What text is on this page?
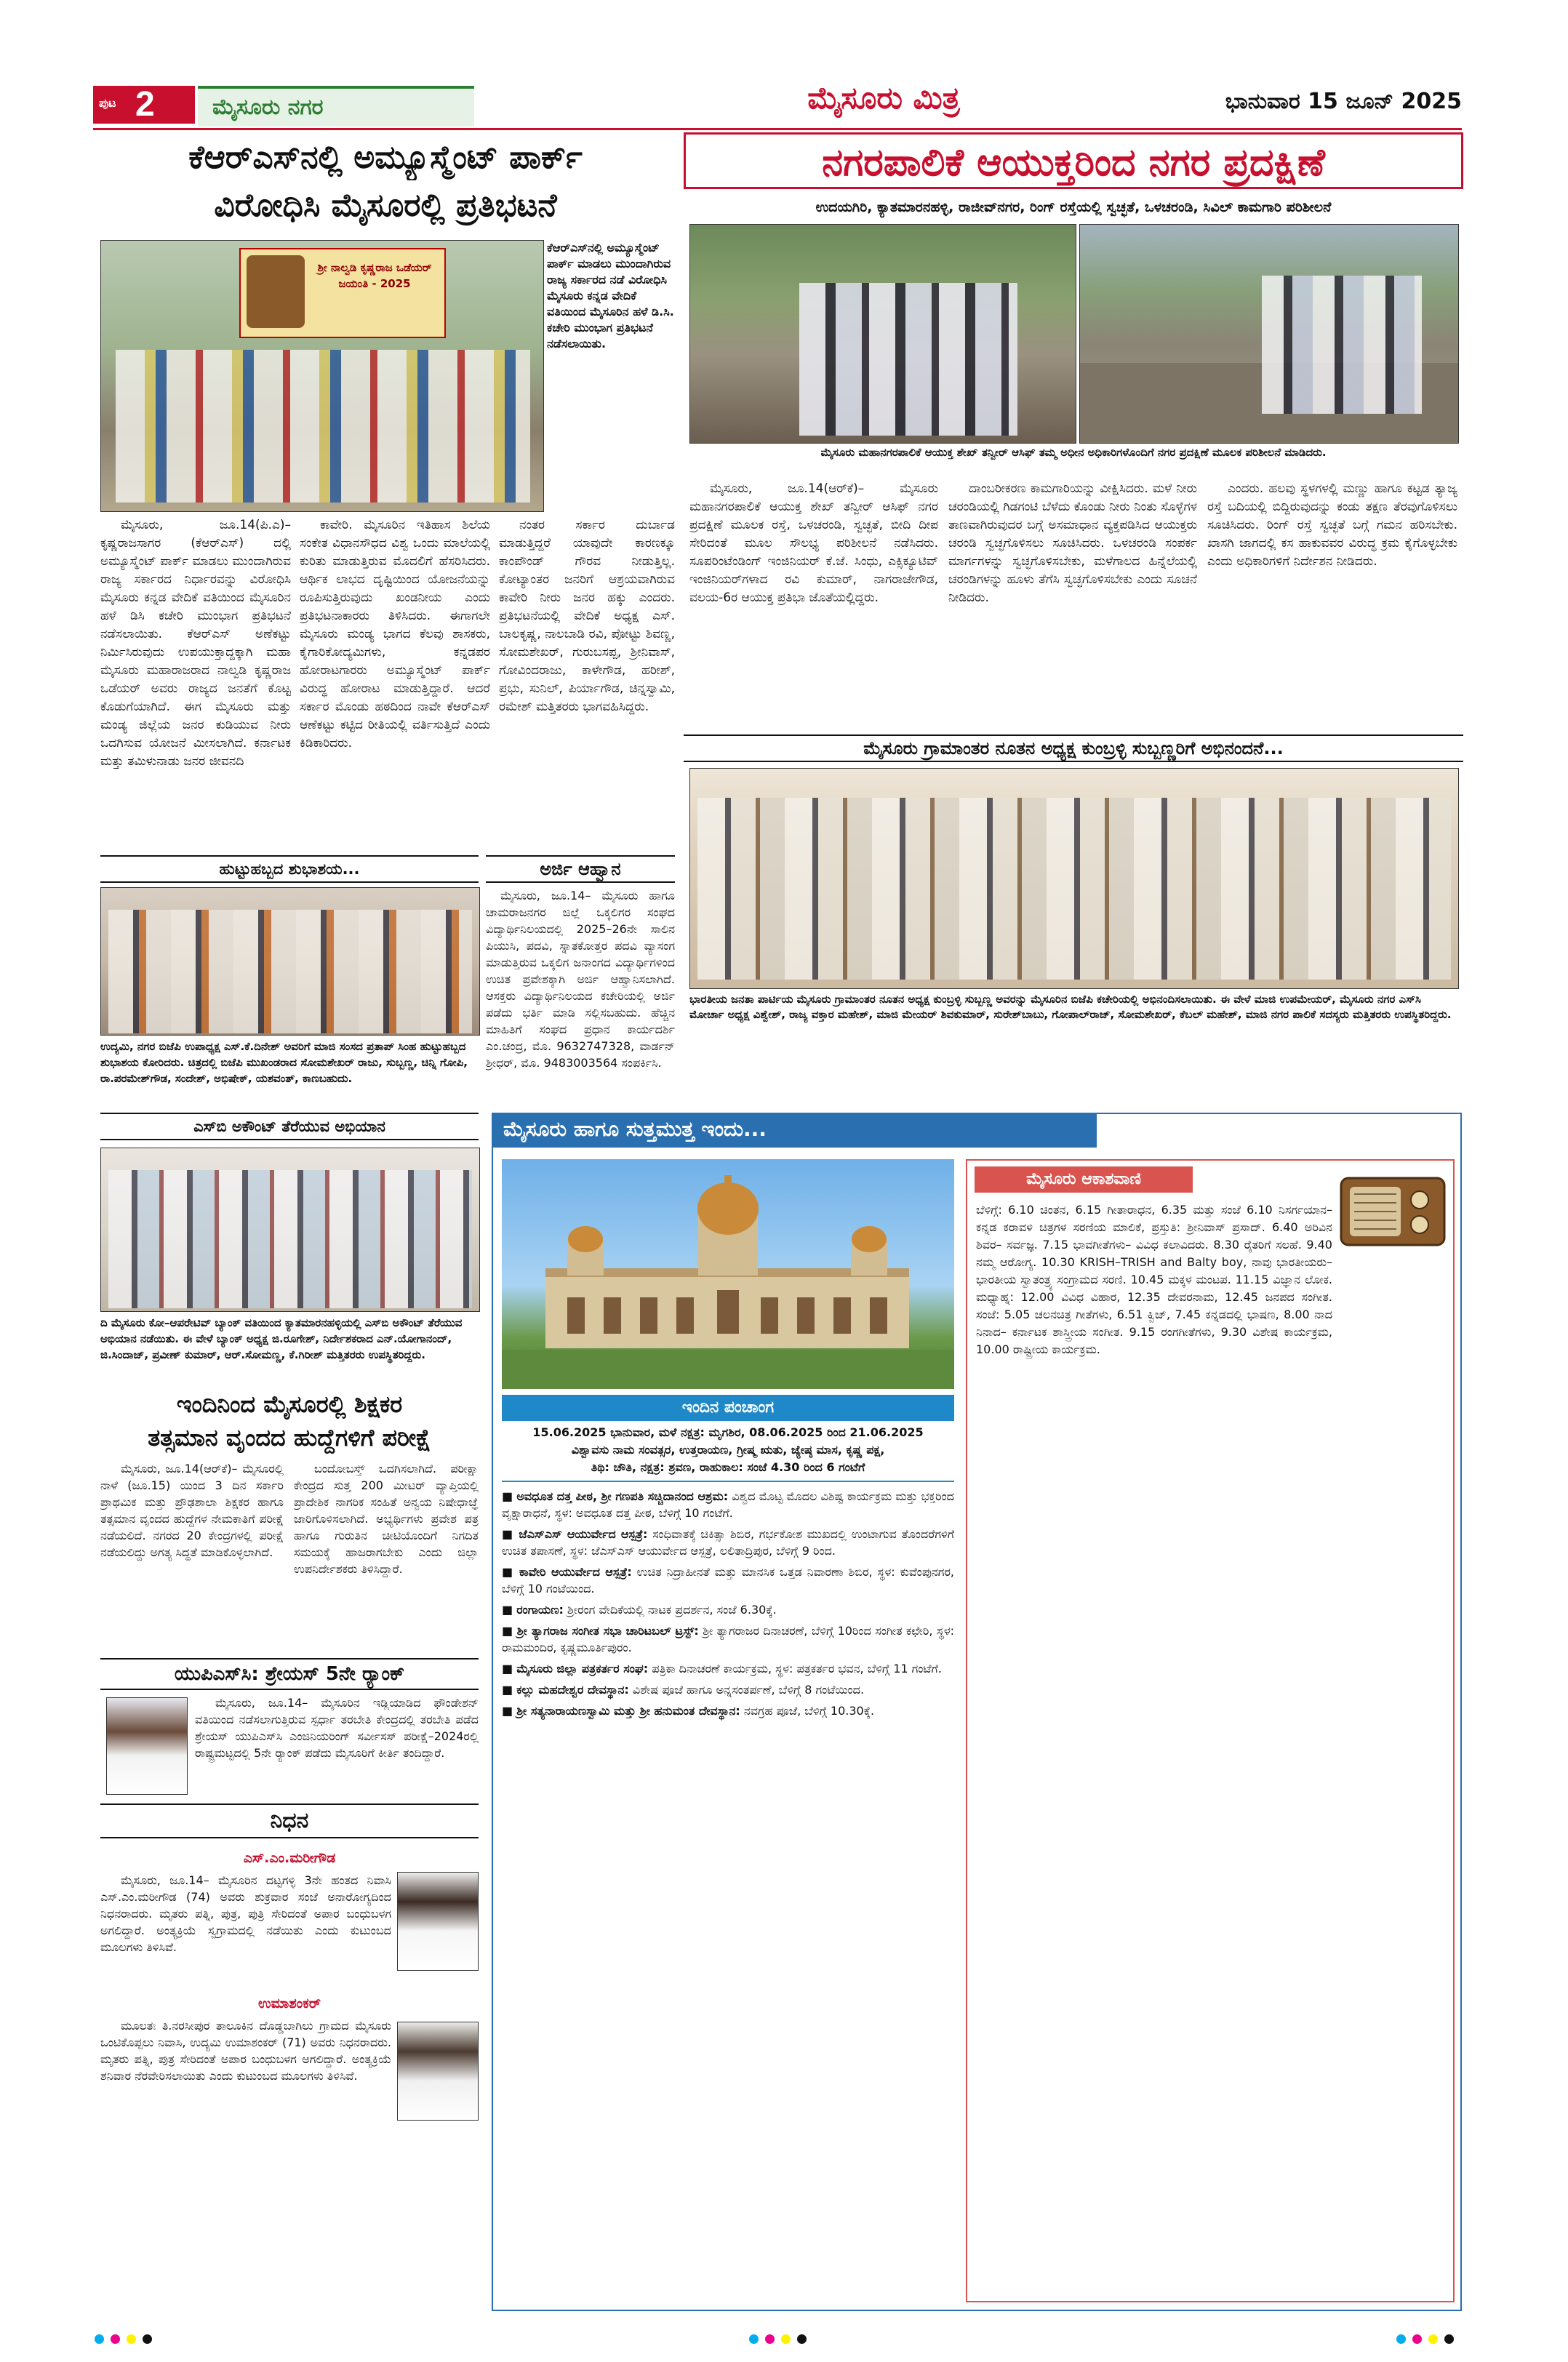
ಪುಟ 2	ಮೈಸೂರು ನಗರ	ಮೈಸೂರು ಮಿತ್ರ	ಭಾನುವಾರ 15 ಜೂನ್ 2025
ಕೆಆರ್‌ಎಸ್‌ನಲ್ಲಿ ಅಮ್ಯೂಸ್ಮೆಂಟ್ ಪಾರ್ಕ್
ವಿರೋಧಿಸಿ ಮೈಸೂರಲ್ಲಿ ಪ್ರತಿಭಟನೆ
ಶ್ರೀ ನಾಲ್ವಡಿ ಕೃಷ್ಣರಾಜ ಒಡೆಯರ್ ಜಯಂತಿ - 2025
ಕೆಆರ್‌ಎಸ್‌ನಲ್ಲಿ ಅಮ್ಯೂಸ್ಮೆಂಟ್ ಪಾರ್ಕ್ ಮಾಡಲು ಮುಂದಾಗಿರುವ ರಾಜ್ಯ ಸರ್ಕಾರದ ನಡೆ ವಿರೋಧಿಸಿ ಮೈಸೂರು ಕನ್ನಡ ವೇದಿಕೆ ವತಿಯಿಂದ ಮೈಸೂರಿನ ಹಳೆ ಡಿ.ಸಿ. ಕಚೇರಿ ಮುಂಭಾಗ ಪ್ರತಿಭಟನೆ ನಡೆಸಲಾಯಿತು.

ಮೈಸೂರು, ಜೂ.14(ಪಿ.ಎ)– ಕೃಷ್ಣರಾಜಸಾಗರ (ಕೆಆರ್‌ಎಸ್) ದಲ್ಲಿ ಅಮ್ಯೂಸ್ಮೆಂಟ್ ಪಾರ್ಕ್ ಮಾಡಲು ಮುಂದಾಗಿರುವ ರಾಜ್ಯ ಸರ್ಕಾರದ ನಿರ್ಧಾರವನ್ನು ವಿರೋಧಿಸಿ ಮೈಸೂರು ಕನ್ನಡ ವೇದಿಕೆ ವತಿಯಿಂದ ಮೈಸೂರಿನ ಹಳೆ ಡಿಸಿ ಕಚೇರಿ ಮುಂಭಾಗ ಪ್ರತಿಭಟನೆ ನಡೆಸಲಾಯಿತು. ಕೆಆರ್‌ಎಸ್ ಅಣೆಕಟ್ಟು ನಿರ್ಮಿಸಿರುವುದು ಉಪಯುಕ್ತಾದ್ದಕ್ಕಾಗಿ ಮಹಾ ಮೈಸೂರು ಮಹಾರಾಜರಾದ ನಾಲ್ವಡಿ ಕೃಷ್ಣರಾಜ ಒಡೆಯರ್ ಅವರು ರಾಜ್ಯದ ಜನತೆಗೆ ಕೊಟ್ಟ ಕೊಡುಗೆಯಾಗಿದೆ. ಈಗ ಮೈಸೂರು ಮತ್ತು ಮಂಡ್ಯ ಜಿಲ್ಲೆಯ ಜನರ ಕುಡಿಯುವ ನೀರು ಒದಗಿಸುವ ಯೋಜನೆ ಮೀಸಲಾಗಿದೆ. ಕರ್ನಾಟಕ ಮತ್ತು ತಮಿಳುನಾಡು ಜನರ ಜೀವನದಿ

ಕಾವೇರಿ. ಮೈಸೂರಿನ ಇತಿಹಾಸ ಶಿಲೆಯ ಸಂಕೇತ ವಿಧಾನಸೌಧದ ವಿಶ್ವ ಒಂದು ಮಾಲೆಯಲ್ಲಿ ಕುರಿತು ಮಾಡುತ್ತಿರುವ ಮೊದಲಿಗೆ ಹೆಸರಿಸಿದರು. ಆರ್ಥಿಕ ಲಾಭದ ದೃಷ್ಟಿಯಿಂದ ಯೋಜನೆಯನ್ನು ರೂಪಿಸುತ್ತಿರುವುದು ಖಂಡನೀಯ ಎಂದು ಪ್ರತಿಭಟನಾಕಾರರು ತಿಳಿಸಿದರು. ಈಗಾಗಲೇ ಮೈಸೂರು ಮಂಡ್ಯ ಭಾಗದ ಕೆಲವು ಶಾಸಕರು, ಕೈಗಾರಿಕೋದ್ಯಮಿಗಳು, ಕನ್ನಡಪರ ಹೋರಾಟಗಾರರು ಅಮ್ಯೂಸ್ಮೆಂಟ್ ಪಾರ್ಕ್ ವಿರುದ್ಧ ಹೋರಾಟ ಮಾಡುತ್ತಿದ್ದಾರೆ. ಆದರೆ ಸರ್ಕಾರ ಮೊಂಡು ಹಠದಿಂದ ನಾವೇ ಕೆಆರ್‌ಎಸ್ ಆಣೆಕಟ್ಟು ಕಟ್ಟಿದ ರೀತಿಯಲ್ಲಿ ವರ್ತಿಸುತ್ತಿದೆ ಎಂದು ಕಿಡಿಕಾರಿದರು.

ನಂತರ ಸರ್ಕಾರ ದುರ್ಬಾಡ ಮಾಡುತ್ತಿದ್ದರೆ ಯಾವುದೇ ಕಾರಣಕ್ಕೂ ಕಾಂಪೌಂಡ್ ಗೌರವ ನೀಡುತ್ತಿಲ್ಲ. ಕೋಟ್ಯಾಂತರ ಜನರಿಗೆ ಆಶ್ರಯವಾಗಿರುವ ಕಾವೇರಿ ನೀರು ಜನರ ಹಕ್ಕು ಎಂದರು. ಪ್ರತಿಭಟನೆಯಲ್ಲಿ ವೇದಿಕೆ ಅಧ್ಯಕ್ಷ ಎಸ್. ಬಾಲಕೃಷ್ಣ, ನಾಲಬಾಡಿ ರವಿ, ಪೋಟ್ಟು ಶಿವಣ್ಣ, ಸೋಮಶೇಖರ್, ಗುರುಬಸಪ್ಪ, ಶ್ರೀನಿವಾಸ್, ಗೋವಿಂದರಾಜು, ಕಾಳೇಗೌಡ, ಹರೀಶ್, ಪ್ರಭು, ಸುನಿಲ್, ಪಿರ್ಯಾಗೌಡ, ಚಿನ್ನಸ್ವಾಮಿ, ರಮೇಶ್ ಮತ್ತಿತರರು ಭಾಗವಹಿಸಿದ್ದರು.

ನಗರಪಾಲಿಕೆ ಆಯುಕ್ತರಿಂದ ನಗರ ಪ್ರದಕ್ಷಿಣೆ
ಉದಯಗಿರಿ, ಕ್ಯಾತಮಾರನಹಳ್ಳಿ, ರಾಜೀವ್‌ನಗರ, ರಿಂಗ್ ರಸ್ತೆಯಲ್ಲಿ ಸ್ವಚ್ಛತೆ, ಒಳಚರಂಡಿ, ಸಿವಿಲ್ ಕಾಮಗಾರಿ ಪರಿಶೀಲನೆ
ಮೈಸೂರು ಮಹಾನಗರಪಾಲಿಕೆ ಆಯುಕ್ತ ಶೇಖ್ ತನ್ವೀರ್ ಆಸಿಫ್ ತಮ್ಮ ಅಧೀನ ಅಧಿಕಾರಿಗಳೊಂದಿಗೆ ನಗರ ಪ್ರದಕ್ಷಿಣೆ ಮೂಲಕ ಪರಿಶೀಲನೆ ಮಾಡಿದರು.

ಮೈಸೂರು, ಜೂ.14(ಆರ್‌ಕೆ)– ಮೈಸೂರು ಮಹಾನಗರಪಾಲಿಕೆ ಆಯುಕ್ತ ಶೇಖ್ ತನ್ವೀರ್ ಆಸಿಫ್ ನಗರ ಪ್ರದಕ್ಷಿಣೆ ಮೂಲಕ ರಸ್ತೆ, ಒಳಚರಂಡಿ, ಸ್ವಚ್ಛತೆ, ಬೀದಿ ದೀಪ ಸೇರಿದಂತೆ ಮೂಲ ಸೌಲಭ್ಯ ಪರಿಶೀಲನೆ ನಡೆಸಿದರು. ಸೂಪರಿಂಟೆಂಡಿಂಗ್ ಇಂಜಿನಿಯರ್ ಕೆ.ಜೆ. ಸಿಂಧು, ಎಕ್ಸಿಕ್ಯೂಟಿವ್ ಇಂಜಿನಿಯರ್‌ಗಳಾದ ರವಿ ಕುಮಾರ್, ನಾಗರಾಜೇಗೌಡ, ವಲಯ-6ರ ಆಯುಕ್ತ ಪ್ರತಿಭಾ ಜೊತೆಯಲ್ಲಿದ್ದರು.

ದಾಂಬರೀಕರಣ ಕಾಮಗಾರಿಯನ್ನು ವೀಕ್ಷಿಸಿದರು. ಮಳೆ ನೀರು ಚರಂಡಿಯಲ್ಲಿ ಗಿಡಗಂಟಿ ಬೆಳೆದು ಕೊಂಡು ನೀರು ನಿಂತು ಸೊಳ್ಳೆಗಳ ತಾಣವಾಗಿರುವುದರ ಬಗ್ಗೆ ಅಸಮಾಧಾನ ವ್ಯಕ್ತಪಡಿಸಿದ ಆಯುಕ್ತರು ಚರಂಡಿ ಸ್ವಚ್ಛಗೊಳಿಸಲು ಸೂಚಿಸಿದರು. ಒಳಚರಂಡಿ ಸಂಪರ್ಕ ಮಾರ್ಗಗಳನ್ನು ಸ್ವಚ್ಛಗೊಳಿಸಬೇಕು, ಮಳೆಗಾಲದ ಹಿನ್ನೆಲೆಯಲ್ಲಿ ಚರಂಡಿಗಳನ್ನು ಹೂಳು ತೆಗೆಸಿ ಸ್ವಚ್ಛಗೊಳಿಸಬೇಕು ಎಂದು ಸೂಚನೆ ನೀಡಿದರು.

ಎಂದರು. ಹಲವು ಸ್ಥಳಗಳಲ್ಲಿ ಮಣ್ಣು ಹಾಗೂ ಕಟ್ಟಡ ತ್ಯಾಜ್ಯ ರಸ್ತೆ ಬದಿಯಲ್ಲಿ ಬಿದ್ದಿರುವುದನ್ನು ಕಂಡು ತಕ್ಷಣ ತೆರವುಗೊಳಿಸಲು ಸೂಚಿಸಿದರು. ರಿಂಗ್ ರಸ್ತೆ ಸ್ವಚ್ಛತೆ ಬಗ್ಗೆ ಗಮನ ಹರಿಸಬೇಕು. ಖಾಸಗಿ ಜಾಗದಲ್ಲಿ ಕಸ ಹಾಕುವವರ ವಿರುದ್ಧ ಕ್ರಮ ಕೈಗೊಳ್ಳಬೇಕು ಎಂದು ಅಧಿಕಾರಿಗಳಿಗೆ ನಿರ್ದೇಶನ ನೀಡಿದರು.

ಮೈಸೂರು ಗ್ರಾಮಾಂತರ ನೂತನ ಅಧ್ಯಕ್ಷ ಕುಂಬ್ರಳ್ಳಿ ಸುಬ್ಬಣ್ಣರಿಗೆ ಅಭಿನಂದನೆ...
ಭಾರತೀಯ ಜನತಾ ಪಾರ್ಟಿಯ ಮೈಸೂರು ಗ್ರಾಮಾಂತರ ನೂತನ ಅಧ್ಯಕ್ಷ ಕುಂಬ್ರಳ್ಳಿ ಸುಬ್ಬಣ್ಣ ಅವರನ್ನು ಮೈಸೂರಿನ ಬಿಜೆಪಿ ಕಚೇರಿಯಲ್ಲಿ ಅಭಿನಂದಿಸಲಾಯಿತು. ಈ ವೇಳೆ ಮಾಜಿ ಉಪಮೇಯರ್, ಮೈಸೂರು ನಗರ ಎಸ್‌ಸಿ ಮೋರ್ಚಾ ಅಧ್ಯಕ್ಷ ವಿಶ್ವೇಶ್, ರಾಜ್ಯ ವಕ್ತಾರ ಮಹೇಶ್, ಮಾಜಿ ಮೇಯರ್ ಶಿವಕುಮಾರ್, ಸುರೇಶ್‌ಬಾಬು, ಗೋಪಾಲ್‌ರಾಜ್, ಸೋಮಶೇಖರ್, ಕೆಬಲ್ ಮಹೇಶ್, ಮಾಜಿ ನಗರ ಪಾಲಿಕೆ ಸದಸ್ಯರು ಮತ್ತಿತರರು ಉಪಸ್ಥಿತರಿದ್ದರು.
ಹುಟ್ಟುಹಬ್ಬದ ಶುಭಾಶಯ...
ಉದ್ಯಮಿ, ನಗರ ಬಿಜೆಪಿ ಉಪಾಧ್ಯಕ್ಷ ಎಸ್.ಕೆ.ದಿನೇಶ್ ಅವರಿಗೆ ಮಾಜಿ ಸಂಸದ ಪ್ರತಾಪ್ ಸಿಂಹ ಹುಟ್ಟುಹಬ್ಬದ ಶುಭಾಶಯ ಕೋರಿದರು. ಚಿತ್ರದಲ್ಲಿ ಬಿಜೆಪಿ ಮುಖಂಡರಾದ ಸೋಮಶೇಖರ್ ರಾಜು, ಸುಬ್ಬಣ್ಣ, ಚಿನ್ನಿ ಗೋಪಿ, ರಾ.ಪರಮೇಶ್‌ಗೌಡ, ಸಂದೇಶ್, ಅಭಿಷೇಕ್, ಯಶವಂತ್, ಕಾಣಬಹುದು.
ಅರ್ಜಿ ಆಹ್ವಾನ

ಮೈಸೂರು, ಜೂ.14– ಮೈಸೂರು ಹಾಗೂ ಚಾಮರಾಜನಗರ ಜಿಲ್ಲೆ ಒಕ್ಕಲಿಗರ ಸಂಘದ ವಿದ್ಯಾರ್ಥಿನಿಲಯದಲ್ಲಿ 2025–26ನೇ ಸಾಲಿನ ಪಿಯುಸಿ, ಪದವಿ, ಸ್ನಾತಕೋತ್ತರ ಪದವಿ ವ್ಯಾಸಂಗ ಮಾಡುತ್ತಿರುವ ಒಕ್ಕಲಿಗ ಜನಾಂಗದ ವಿದ್ಯಾರ್ಥಿಗಳಿಂದ ಉಚಿತ ಪ್ರವೇಶಕ್ಕಾಗಿ ಅರ್ಜಿ ಆಹ್ವಾನಿಸಲಾಗಿದೆ. ಆಸಕ್ತರು ವಿದ್ಯಾರ್ಥಿನಿಲಯದ ಕಚೇರಿಯಲ್ಲಿ ಅರ್ಜಿ ಪಡೆದು ಭರ್ತಿ ಮಾಡಿ ಸಲ್ಲಿಸಬಹುದು. ಹೆಚ್ಚಿನ ಮಾಹಿತಿಗೆ ಸಂಘದ ಪ್ರಧಾನ ಕಾರ್ಯದರ್ಶಿ ಎಂ.ಚಂದ್ರ, ಮೊ. 9632747328, ವಾರ್ಡನ್ ಶ್ರೀಧರ್, ಮೊ. 9483003564 ಸಂಪರ್ಕಿಸಿ.

ಎಸ್‌ಬಿ ಅಕೌಂಟ್ ತೆರೆಯುವ ಅಭಿಯಾನ
ದಿ ಮೈಸೂರು ಕೋ–ಆಪರೇಟಿವ್ ಬ್ಯಾಂಕ್ ವತಿಯಿಂದ ಕ್ಯಾತಮಾರನಹಳ್ಳಿಯಲ್ಲಿ ಎಸ್‌ಬಿ ಅಕೌಂಟ್ ತೆರೆಯುವ ಅಭಿಯಾನ ನಡೆಯಿತು. ಈ ವೇಳೆ ಬ್ಯಾಂಕ್ ಅಧ್ಯಕ್ಷ ಜಿ.ರೂಗೇಶ್, ನಿರ್ದೇಶಕರಾದ ಎನ್.ಯೋಗಾನಂದ್, ಜಿ.ಸಿಂದಾಜ್, ಪ್ರವೀಣ್ ಕುಮಾರ್, ಆರ್.ಸೋಮಣ್ಣ, ಕೆ.ಗಿರೀಶ್ ಮತ್ತಿತರರು ಉಪಸ್ಥಿತರಿದ್ದರು.
ಇಂದಿನಿಂದ ಮೈಸೂರಲ್ಲಿ ಶಿಕ್ಷಕರ
ತತ್ಸಮಾನ ವೃಂದದ ಹುದ್ದೆಗಳಿಗೆ ಪರೀಕ್ಷೆ

ಮೈಸೂರು, ಜೂ.14(ಆರ್‌ಕೆ)– ಮೈಸೂರಲ್ಲಿ ನಾಳೆ (ಜೂ.15) ಯಿಂದ 3 ದಿನ ಸರ್ಕಾರಿ ಪ್ರಾಥಮಿಕ ಮತ್ತು ಪ್ರೌಢಶಾಲಾ ಶಿಕ್ಷಕರ ಹಾಗೂ ತತ್ಸಮಾನ ವೃಂದದ ಹುದ್ದೆಗಳ ನೇಮಕಾತಿಗೆ ಪರೀಕ್ಷೆ ನಡೆಯಲಿದೆ. ನಗರದ 20 ಕೇಂದ್ರಗಳಲ್ಲಿ ಪರೀಕ್ಷೆ ನಡೆಯಲಿದ್ದು ಅಗತ್ಯ ಸಿದ್ಧತೆ ಮಾಡಿಕೊಳ್ಳಲಾಗಿದೆ.

ಬಂದೋಬಸ್ತ್ ಒದಗಿಸಲಾಗಿದೆ. ಪರೀಕ್ಷಾ ಕೇಂದ್ರದ ಸುತ್ತ 200 ಮೀಟರ್ ವ್ಯಾಪ್ತಿಯಲ್ಲಿ ಪ್ರಾದೇಶಿಕ ನಾಗರಿಕ ಸಂಹಿತೆ ಅನ್ವಯ ನಿಷೇಧಾಜ್ಞೆ ಜಾರಿಗೊಳಿಸಲಾಗಿದೆ. ಅಭ್ಯರ್ಥಿಗಳು ಪ್ರವೇಶ ಪತ್ರ ಹಾಗೂ ಗುರುತಿನ ಚೀಟಿಯೊಂದಿಗೆ ನಿಗದಿತ ಸಮಯಕ್ಕೆ ಹಾಜರಾಗಬೇಕು ಎಂದು ಜಿಲ್ಲಾ ಉಪನಿರ್ದೇಶಕರು ತಿಳಿಸಿದ್ದಾರೆ.

ಯುಪಿಎಸ್‌ಸಿ: ಶ್ರೇಯಸ್ 5ನೇ ರ‍್ಯಾಂಕ್

ಮೈಸೂರು, ಜೂ.14– ಮೈಸೂರಿನ ಇಡ್ಲಿಯಾಡಿದ ಫೌಂಡೇಶನ್ ವತಿಯಿಂದ ನಡೆಸಲಾಗುತ್ತಿರುವ ಸ್ಪರ್ಧಾ ತರಬೇತಿ ಕೇಂದ್ರದಲ್ಲಿ ತರಬೇತಿ ಪಡೆದ ಶ್ರೇಯಸ್ ಯುಪಿಎಸ್‌ಸಿ ಎಂಜಿನಿಯರಿಂಗ್ ಸರ್ವೀಸಸ್ ಪರೀಕ್ಷೆ–2024ರಲ್ಲಿ ರಾಷ್ಟ್ರಮಟ್ಟದಲ್ಲಿ 5ನೇ ರ‍್ಯಾಂಕ್ ಪಡೆದು ಮೈಸೂರಿಗೆ ಕೀರ್ತಿ ತಂದಿದ್ದಾರೆ.

ನಿಧನ
ಎಸ್.ಎಂ.ಮರೀಗೌಡ

ಮೈಸೂರು, ಜೂ.14– ಮೈಸೂರಿನ ದಟ್ಟಗಳ್ಳಿ 3ನೇ ಹಂತದ ನಿವಾಸಿ ಎಸ್.ಎಂ.ಮರೀಗೌಡ (74) ಅವರು ಶುಕ್ರವಾರ ಸಂಜೆ ಅನಾರೋಗ್ಯದಿಂದ ನಿಧನರಾದರು. ಮೃತರು ಪತ್ನಿ, ಪುತ್ರ, ಪುತ್ರಿ ಸೇರಿದಂತೆ ಅಪಾರ ಬಂಧುಬಳಗ ಅಗಲಿದ್ದಾರೆ. ಅಂತ್ಯಕ್ರಿಯೆ ಸ್ವಗ್ರಾಮದಲ್ಲಿ ನಡೆಯಿತು ಎಂದು ಕುಟುಂಬದ ಮೂಲಗಳು ತಿಳಿಸಿವೆ.

ಉಮಾಶಂಕರ್

ಮೂಲತಃ ತಿ.ನರಸೀಪುರ ತಾಲೂಕಿನ ದೊಡ್ಡಬಾಗಿಲು ಗ್ರಾಮದ ಮೈಸೂರು ಒಂಟಿಕೊಪ್ಪಲು ನಿವಾಸಿ, ಉದ್ಯಮಿ ಉಮಾಶಂಕರ್ (71) ಅವರು ನಿಧನರಾದರು. ಮೃತರು ಪತ್ನಿ, ಪುತ್ರ ಸೇರಿದಂತೆ ಅಪಾರ ಬಂಧುಬಳಗ ಅಗಲಿದ್ದಾರೆ. ಅಂತ್ಯಕ್ರಿಯೆ ಶನಿವಾರ ನೆರವೇರಿಸಲಾಯಿತು ಎಂದು ಕುಟುಂಬದ ಮೂಲಗಳು ತಿಳಿಸಿವೆ.

ಮೈಸೂರು ಹಾಗೂ ಸುತ್ತಮುತ್ತ ಇಂದು...
ಇಂದಿನ ಪಂಚಾಂಗ
15.06.2025 ಭಾನುವಾರ, ಮಳೆ ನಕ್ಷತ್ರ: ಮೃಗಶಿರ, 08.06.2025 ರಿಂದ 21.06.2025
ವಿಶ್ವಾವಸು ನಾಮ ಸಂವತ್ಸರ, ಉತ್ತರಾಯಣ, ಗ್ರೀಷ್ಮ ಋತು, ಜ್ಯೇಷ್ಠ ಮಾಸ, ಕೃಷ್ಣ ಪಕ್ಷ,
ತಿಥಿ: ಚೌತಿ, ನಕ್ಷತ್ರ: ಶ್ರವಣ, ರಾಹುಕಾಲ: ಸಂಜೆ 4.30 ರಿಂದ 6 ಗಂಟೆಗೆ
■ ಅವಧೂತ ದತ್ತ ಪೀಠ, ಶ್ರೀ ಗಣಪತಿ ಸಚ್ಚಿದಾನಂದ ಆಶ್ರಮ: ವಿಶ್ವದ ಮೊಟ್ಟ ಮೊದಲ ವಿಶಿಷ್ಟ ಕಾರ್ಯಕ್ರಮ ಮತ್ತು ಭಕ್ತರಿಂದ ವೃಕ್ಷಾರಾಧನೆ, ಸ್ಥಳ: ಅವಧೂತ ದತ್ತ ಪೀಠ, ಬೆಳಿಗ್ಗೆ 10 ಗಂಟೆಗೆ.
■ ಜೆಎಸ್‌ಎಸ್ ಆಯುರ್ವೇದ ಆಸ್ಪತ್ರೆ: ಸಂಧಿವಾತಕ್ಕೆ ಚಿಕಿತ್ಸಾ ಶಿಬಿರ, ಗರ್ಭಕೋಶ ಮುಖದಲ್ಲಿ ಉಂಟಾಗುವ ತೊಂದರೆಗಳಿಗೆ ಉಚಿತ ತಪಾಸಣೆ, ಸ್ಥಳ: ಜೆಎಸ್‌ಎಸ್ ಆಯುರ್ವೇದ ಆಸ್ಪತ್ರೆ, ಲಲಿತಾದ್ರಿಪುರ, ಬೆಳಿಗ್ಗೆ 9 ರಿಂದ.
■ ಕಾವೇರಿ ಆಯುರ್ವೇದ ಆಸ್ಪತ್ರೆ: ಉಚಿತ ನಿದ್ರಾಹೀನತೆ ಮತ್ತು ಮಾನಸಿಕ ಒತ್ತಡ ನಿವಾರಣಾ ಶಿಬಿರ, ಸ್ಥಳ: ಕುವೆಂಪುನಗರ, ಬೆಳಿಗ್ಗೆ 10 ಗಂಟೆಯಿಂದ.
■ ರಂಗಾಯಣ: ಶ್ರೀರಂಗ ವೇದಿಕೆಯಲ್ಲಿ ನಾಟಕ ಪ್ರದರ್ಶನ, ಸಂಜೆ 6.30ಕ್ಕೆ.
■ ಶ್ರೀ ತ್ಯಾಗರಾಜ ಸಂಗೀತ ಸಭಾ ಚಾರಿಟಬಲ್ ಟ್ರಸ್ಟ್: ಶ್ರೀ ತ್ಯಾಗರಾಜರ ದಿನಾಚರಣೆ, ಬೆಳಿಗ್ಗೆ 10ರಿಂದ ಸಂಗೀತ ಕಛೇರಿ, ಸ್ಥಳ: ರಾಮಮಂದಿರ, ಕೃಷ್ಣಮೂರ್ತಿಪುರಂ.
■ ಮೈಸೂರು ಜಿಲ್ಲಾ ಪತ್ರಕರ್ತರ ಸಂಘ: ಪತ್ರಿಕಾ ದಿನಾಚರಣೆ ಕಾರ್ಯಕ್ರಮ, ಸ್ಥಳ: ಪತ್ರಕರ್ತರ ಭವನ, ಬೆಳಿಗ್ಗೆ 11 ಗಂಟೆಗೆ.
■ ಕಲ್ಲು ಮಹದೇಶ್ವರ ದೇವಸ್ಥಾನ: ವಿಶೇಷ ಪೂಜೆ ಹಾಗೂ ಅನ್ನಸಂತರ್ಪಣೆ, ಬೆಳಿಗ್ಗೆ 8 ಗಂಟೆಯಿಂದ.
■ ಶ್ರೀ ಸತ್ಯನಾರಾಯಣಸ್ವಾಮಿ ಮತ್ತು ಶ್ರೀ ಹನುಮಂತ ದೇವಸ್ಥಾನ: ನವಗ್ರಹ ಪೂಜೆ, ಬೆಳಿಗ್ಗೆ 10.30ಕ್ಕೆ.
ಮೈಸೂರು ಆಕಾಶವಾಣಿ

ಬೆಳಿಗ್ಗೆ: 6.10 ಚಿಂತನ, 6.15 ಗೀತಾರಾಧನ, 6.35 ಮತ್ತು ಸಂಜೆ 6.10 ನಿಸರ್ಗಯಾನ– ಕನ್ನಡ ಕರಾವಳಿ ಚಿತ್ರಗಳ ಸರಣಿಯ ಮಾಲಿಕೆ, ಪ್ರಸ್ತುತಿ: ಶ್ರೀನಿವಾಸ್ ಪ್ರಸಾದ್. 6.40 ಅರಿವಿನ ಶಿವರ– ಸರ್ವಜ್ಞ. 7.15 ಭಾವಗೀತೆಗಳು– ವಿವಿಧ ಕಲಾವಿದರು. 8.30 ರೈತರಿಗೆ ಸಲಹೆ. 9.40 ನಮ್ಮ ಆರೋಗ್ಯ. 10.30 KRISH–TRISH and Balty boy, ನಾವು ಭಾರತೀಯರು– ಭಾರತೀಯ ಸ್ವಾತಂತ್ರ್ಯ ಸಂಗ್ರಾಮದ ಸರಣಿ. 10.45 ಮಕ್ಕಳ ಮಂಟಪ. 11.15 ವಿಜ್ಞಾನ ಲೋಕ. ಮಧ್ಯಾಹ್ನ: 12.00 ವಿವಿಧ ವಿಹಾರ, 12.35 ದೇವರನಾಮ, 12.45 ಜನಪದ ಸಂಗೀತ. ಸಂಜೆ: 5.05 ಚಲನಚಿತ್ರ ಗೀತೆಗಳು, 6.51 ಕ್ವಿಜ್, 7.45 ಕನ್ನಡದಲ್ಲಿ ಭಾಷಣ, 8.00 ನಾದ ನಿನಾದ– ಕರ್ನಾಟಕ ಶಾಸ್ತ್ರೀಯ ಸಂಗೀತ. 9.15 ರಂಗಗೀತೆಗಳು, 9.30 ವಿಶೇಷ ಕಾರ್ಯಕ್ರಮ, 10.00 ರಾಷ್ಟ್ರೀಯ ಕಾರ್ಯಕ್ರಮ.
